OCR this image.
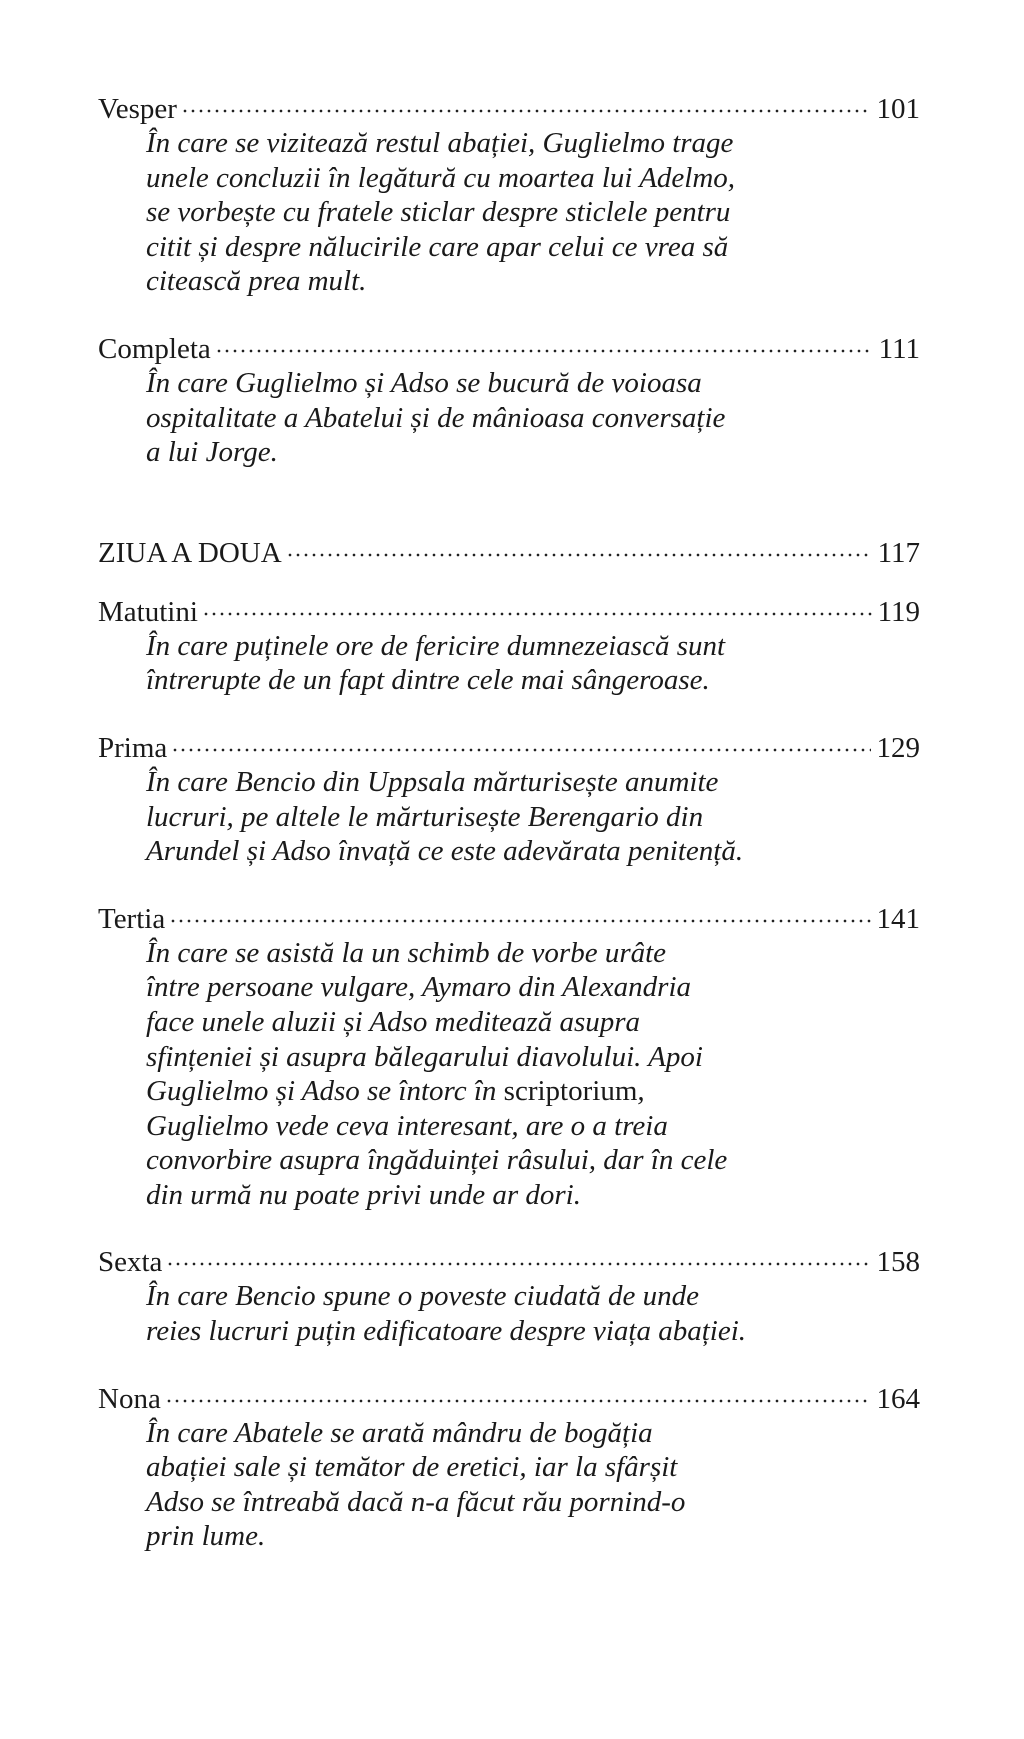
Vesper	101
În care se vizitează restul abației, Guglielmo trage
unele concluzii în legătură cu moartea lui Adelmo,
se vorbește cu fratele sticlar despre sticlele pentru
citit și despre nălucirile care apar celui ce vrea să
citească prea mult.
Completa	111
În care Guglielmo și Adso se bucură de voioasa
ospitalitate a Abatelui și de mânioasa conversație
a lui Jorge.
ZIUA A DOUA	117
Matutini	119
În care puținele ore de fericire dumnezeiască sunt
întrerupte de un fapt dintre cele mai sângeroase.
Prima	129
În care Bencio din Uppsala mărturisește anumite
lucruri, pe altele le mărturisește Berengario din
Arundel și Adso învață ce este adevărata penitență.
Tertia	141
În care se asistă la un schimb de vorbe urâte
între persoane vulgare, Aymaro din Alexandria
face unele aluzii și Adso meditează asupra
sfințeniei și asupra bălegarului diavolului. Apoi
Guglielmo și Adso se întorc în scriptorium,
Guglielmo vede ceva interesant, are o a treia
convorbire asupra îngăduinței râsului, dar în cele
din urmă nu poate privi unde ar dori.
Sexta	158
În care Bencio spune o poveste ciudată de unde
reies lucruri puțin edificatoare despre viața abației.
Nona	164
În care Abatele se arată mândru de bogăția
abației sale și temător de eretici, iar la sfârșit
Adso se întreabă dacă n-a făcut rău pornind-o
prin lume.
